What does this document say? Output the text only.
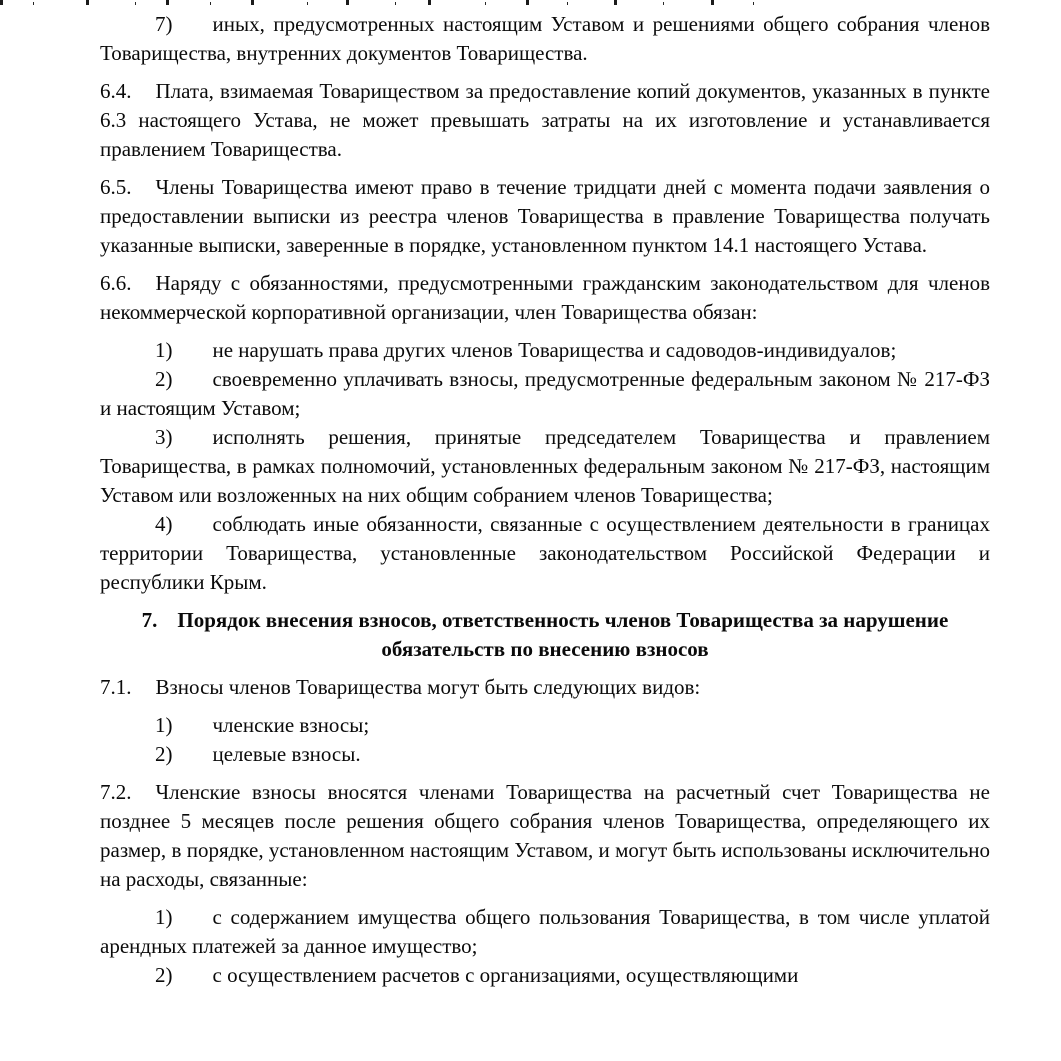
7) иных, предусмотренных настоящим Уставом и решениями общего собрания членов Товарищества, внутренних документов Товарищества.

6.4. Плата, взимаемая Товариществом за предоставление копий документов, указанных в пункте 6.3 настоящего Устава, не может превышать затраты на их изготовление и устанавливается правлением Товарищества.

6.5. Члены Товарищества имеют право в течение тридцати дней с момента подачи заявления о предоставлении выписки из реестра членов Товарищества в правление Товарищества получать указанные выписки, заверенные в порядке, установленном пунктом 14.1 настоящего Устава.

6.6. Наряду с обязанностями, предусмотренными гражданским законодательством для членов некоммерческой корпоративной организации, член Товарищества обязан:

1) не нарушать права других членов Товарищества и садоводов-индивидуалов;

2) своевременно уплачивать взносы, предусмотренные федеральным законом № 217-ФЗ и настоящим Уставом;

3) исполнять решения, принятые председателем Товарищества и правлением Товарищества, в рамках полномочий, установленных федеральным законом № 217-ФЗ, настоящим Уставом или возложенных на них общим собранием членов Товарищества;

4) соблюдать иные обязанности, связанные с осуществлением деятельности в границах территории Товарищества, установленные законодательством Российской Федерации и республики Крым.

7. Порядок внесения взносов, ответственность членов Товарищества за нарушение обязательств по внесению взносов

7.1. Взносы членов Товарищества могут быть следующих видов:

1) членские взносы;

2) целевые взносы.

7.2. Членские взносы вносятся членами Товарищества на расчетный счет Товарищества не позднее 5 месяцев после решения общего собрания членов Товарищества, определяющего их размер, в порядке, установленном настоящим Уставом, и могут быть использованы исключительно на расходы, связанные:

1) с содержанием имущества общего пользования Товарищества, в том числе уплатой арендных платежей за данное имущество;

2) с осуществлением расчетов с организациями, осуществляющими
